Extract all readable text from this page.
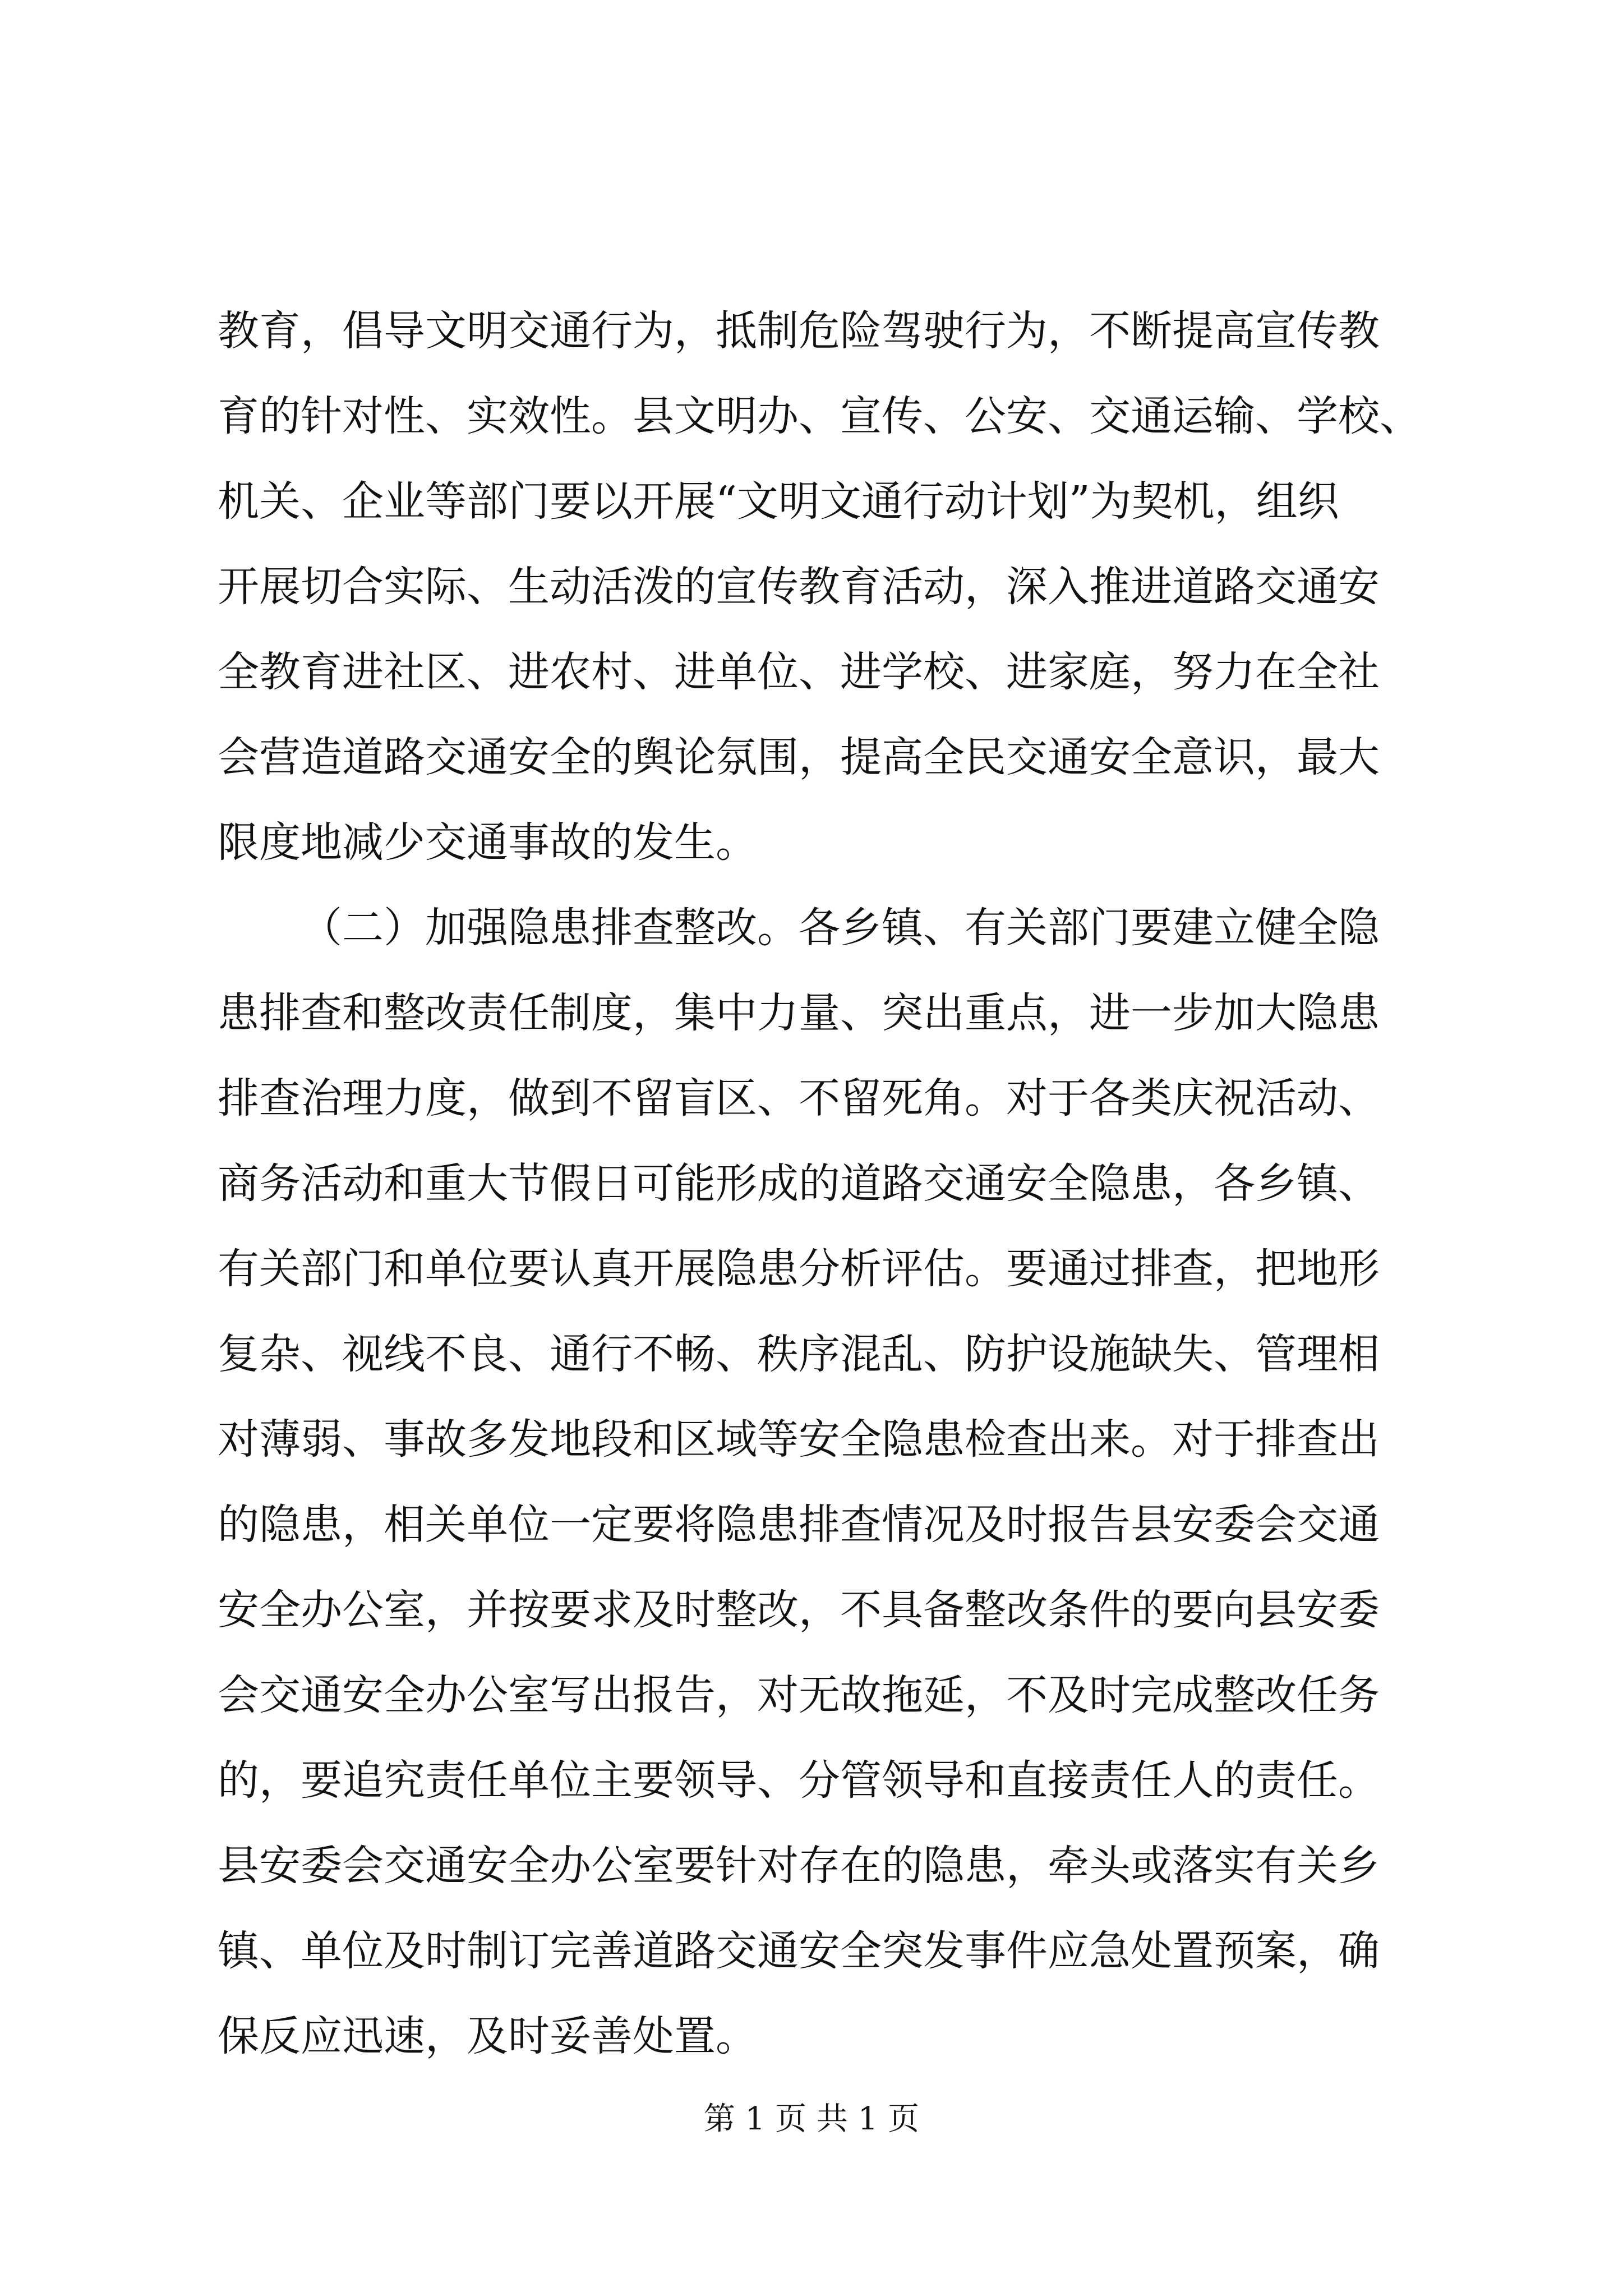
教育，倡导文明交通行为，抵制危险驾驶行为，不断提高宣传教
育的针对性、实效性。县文明办、宣传、公安、交通运输、学校、
机关、企业等部门要以开展“文明文通行动计划”为契机，组织
开展切合实际、生动活泼的宣传教育活动，深入推进道路交通安
全教育进社区、进农村、进单位、进学校、进家庭，努力在全社
会营造道路交通安全的舆论氛围，提高全民交通安全意识，最大
限度地减少交通事故的发生。
（二）加强隐患排查整改。各乡镇、有关部门要建立健全隐
患排查和整改责任制度，集中力量、突出重点，进一步加大隐患
排查治理力度，做到不留盲区、不留死角。对于各类庆祝活动、
商务活动和重大节假日可能形成的道路交通安全隐患，各乡镇、
有关部门和单位要认真开展隐患分析评估。要通过排查，把地形
复杂、视线不良、通行不畅、秩序混乱、防护设施缺失、管理相
对薄弱、事故多发地段和区域等安全隐患检查出来。对于排查出
的隐患，相关单位一定要将隐患排查情况及时报告县安委会交通
安全办公室，并按要求及时整改，不具备整改条件的要向县安委
会交通安全办公室写出报告，对无故拖延，不及时完成整改任务
的，要追究责任单位主要领导、分管领导和直接责任人的责任。
县安委会交通安全办公室要针对存在的隐患，牵头或落实有关乡
镇、单位及时制订完善道路交通安全突发事件应急处置预案，确
保反应迅速，及时妥善处置。
第 1 页 共 1 页
